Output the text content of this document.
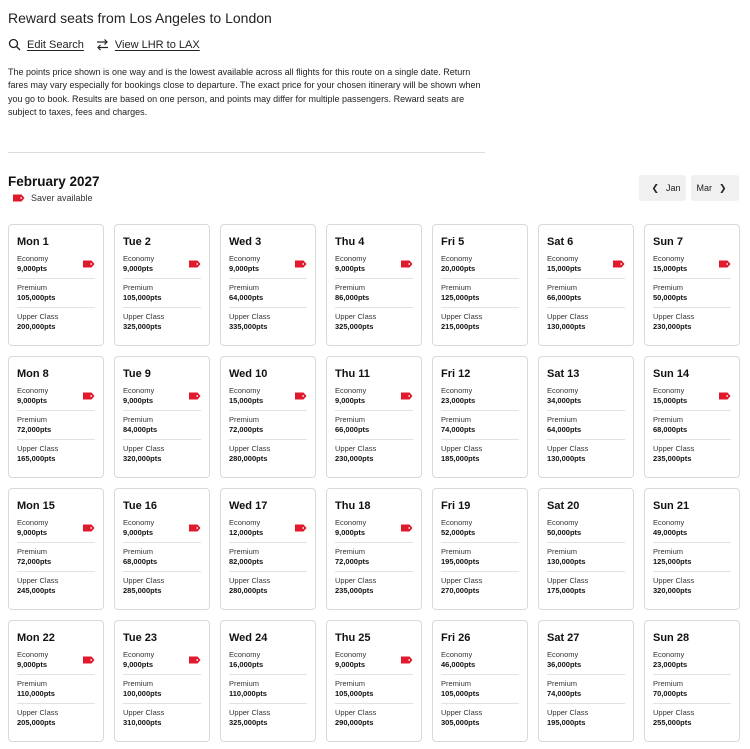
Reward seats from Los Angeles to London
Edit Search	View LHR to LAX
The points price shown is one way and is the lowest available across all flights for this route on a single date. Return fares may vary especially for bookings close to departure. The exact price for your chosen itinerary will be shown when you go to book. Results are based on one person, and points may differ for multiple passengers. Reward seats are subject to taxes, fees and charges.
February 2027
Saver available
❮ Jan Mar ❯
Mon 1
Economy
9,000pts
Premium
105,000pts
Upper Class
200,000pts
Tue 2
Economy
9,000pts
Premium
105,000pts
Upper Class
325,000pts
Wed 3
Economy
9,000pts
Premium
64,000pts
Upper Class
335,000pts
Thu 4
Economy
9,000pts
Premium
86,000pts
Upper Class
325,000pts
Fri 5
Economy
20,000pts
Premium
125,000pts
Upper Class
215,000pts
Sat 6
Economy
15,000pts
Premium
66,000pts
Upper Class
130,000pts
Sun 7
Economy
15,000pts
Premium
50,000pts
Upper Class
230,000pts
Mon 8
Economy
9,000pts
Premium
72,000pts
Upper Class
165,000pts
Tue 9
Economy
9,000pts
Premium
84,000pts
Upper Class
320,000pts
Wed 10
Economy
15,000pts
Premium
72,000pts
Upper Class
280,000pts
Thu 11
Economy
9,000pts
Premium
66,000pts
Upper Class
230,000pts
Fri 12
Economy
23,000pts
Premium
74,000pts
Upper Class
185,000pts
Sat 13
Economy
34,000pts
Premium
64,000pts
Upper Class
130,000pts
Sun 14
Economy
15,000pts
Premium
68,000pts
Upper Class
235,000pts
Mon 15
Economy
9,000pts
Premium
72,000pts
Upper Class
245,000pts
Tue 16
Economy
9,000pts
Premium
68,000pts
Upper Class
285,000pts
Wed 17
Economy
12,000pts
Premium
82,000pts
Upper Class
280,000pts
Thu 18
Economy
9,000pts
Premium
72,000pts
Upper Class
235,000pts
Fri 19
Economy
52,000pts
Premium
195,000pts
Upper Class
270,000pts
Sat 20
Economy
50,000pts
Premium
130,000pts
Upper Class
175,000pts
Sun 21
Economy
49,000pts
Premium
125,000pts
Upper Class
320,000pts
Mon 22
Economy
9,000pts
Premium
110,000pts
Upper Class
205,000pts
Tue 23
Economy
9,000pts
Premium
100,000pts
Upper Class
310,000pts
Wed 24
Economy
16,000pts
Premium
110,000pts
Upper Class
325,000pts
Thu 25
Economy
9,000pts
Premium
105,000pts
Upper Class
290,000pts
Fri 26
Economy
46,000pts
Premium
105,000pts
Upper Class
305,000pts
Sat 27
Economy
36,000pts
Premium
74,000pts
Upper Class
195,000pts
Sun 28
Economy
23,000pts
Premium
70,000pts
Upper Class
255,000pts
